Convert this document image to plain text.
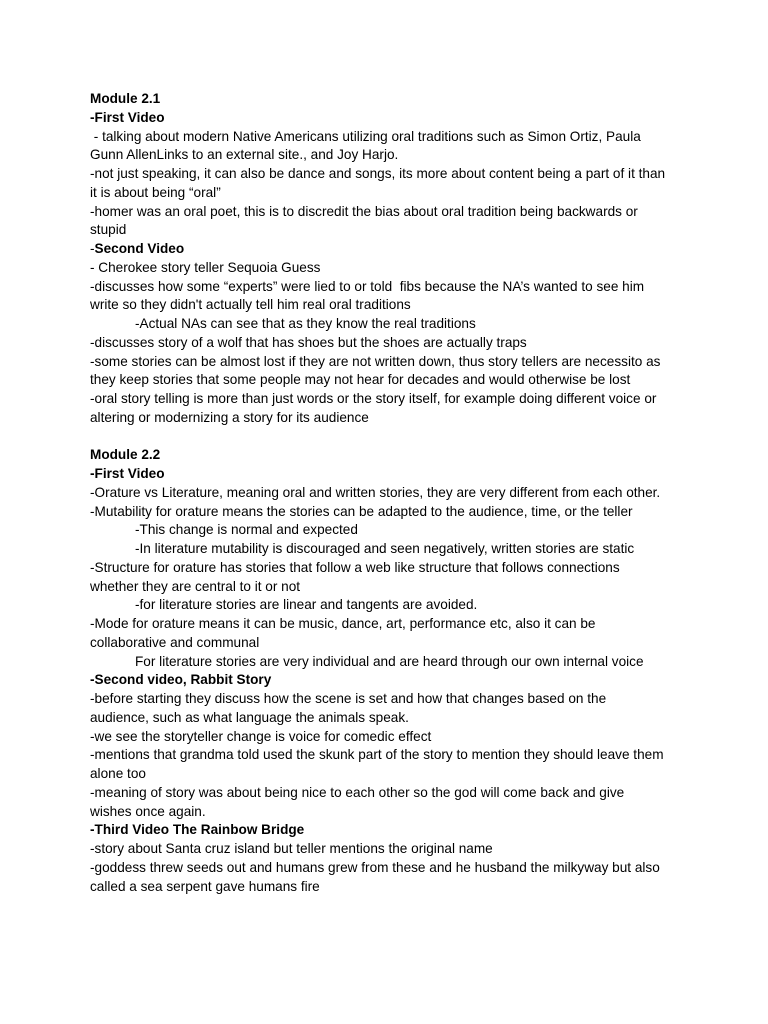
Module 2.1
-First Video
- talking about modern Native Americans utilizing oral traditions such as Simon Ortiz, Paula
Gunn AllenLinks to an external site., and Joy Harjo.
-not just speaking, it can also be dance and songs, its more about content being a part of it than
it is about being “oral”
-homer was an oral poet, this is to discredit the bias about oral tradition being backwards or
stupid
-Second Video
- Cherokee story teller Sequoia Guess
-discusses how some “experts” were lied to or told  fibs because the NA’s wanted to see him
write so they didn't actually tell him real oral traditions
-Actual NAs can see that as they know the real traditions
-discusses story of a wolf that has shoes but the shoes are actually traps
-some stories can be almost lost if they are not written down, thus story tellers are necessito as
they keep stories that some people may not hear for decades and would otherwise be lost
-oral story telling is more than just words or the story itself, for example doing different voice or
altering or modernizing a story for its audience
Module 2.2
-First Video
-Orature vs Literature, meaning oral and written stories, they are very different from each other.
-Mutability for orature means the stories can be adapted to the audience, time, or the teller
-This change is normal and expected
-In literature mutability is discouraged and seen negatively, written stories are static
-Structure for orature has stories that follow a web like structure that follows connections
whether they are central to it or not
-for literature stories are linear and tangents are avoided.
-Mode for orature means it can be music, dance, art, performance etc, also it can be
collaborative and communal
For literature stories are very individual and are heard through our own internal voice
-Second video, Rabbit Story
-before starting they discuss how the scene is set and how that changes based on the
audience, such as what language the animals speak.
-we see the storyteller change is voice for comedic effect
-mentions that grandma told used the skunk part of the story to mention they should leave them
alone too
-meaning of story was about being nice to each other so the god will come back and give
wishes once again.
-Third Video The Rainbow Bridge
-story about Santa cruz island but teller mentions the original name
-goddess threw seeds out and humans grew from these and he husband the milkyway but also
called a sea serpent gave humans fire
